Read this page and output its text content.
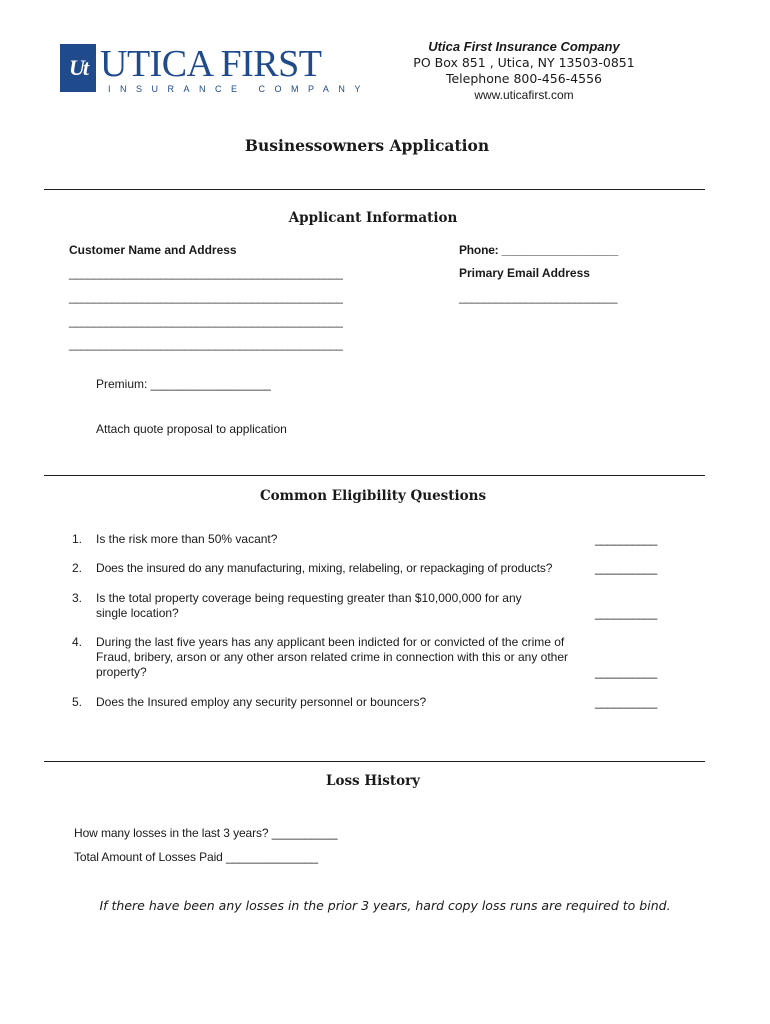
Ut UTICA FIRST
INSURANCE COMPANY
Utica First Insurance Company
PO Box 851 , Utica, NY 13503-0851
Telephone 800-456-4556
www.uticafirst.com
Businessowners Application
Applicant Information
Customer Name and Address
_____________________________________________
_____________________________________________
_____________________________________________
_____________________________________________
Phone: __________________
Primary Email Address
__________________________
Premium: __________________
Attach quote proposal to application
Common Eligibility Questions
1. Is the risk more than 50% vacant?	__________
2. Does the insured do any manufacturing, mixing, relabeling, or repackaging of products?	__________
3. Is the total property coverage being requesting greater than $10,000,000 for any single location?	__________
4. During the last five years has any applicant been indicted for or convicted of the crime of Fraud, bribery, arson or any other arson related crime in connection with this or any other property?	__________
5. Does the Insured employ any security personnel or bouncers?	__________
Loss History
How many losses in the last 3 years? __________
Total Amount of Losses Paid ______________
If there have been any losses in the prior 3 years, hard copy loss runs are required to bind.
